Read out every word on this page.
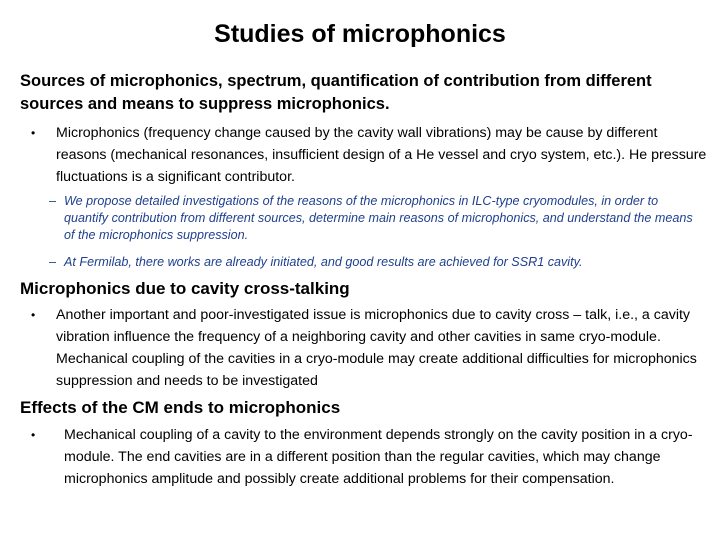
Studies of microphonics
Sources of microphonics, spectrum, quantification of contribution from different sources and means to suppress microphonics.
• Microphonics (frequency change caused by the cavity wall vibrations) may be cause by different reasons (mechanical resonances, insufficient design of a He vessel and cryo system, etc.). He pressure fluctuations is a significant contributor.
– We propose detailed investigations of the reasons of the microphonics in ILC-type cryomodules, in order to quantify contribution from different sources, determine main reasons of microphonics, and understand the means of the microphonics suppression.
– At Fermilab, there works are already initiated, and good results are achieved for SSR1 cavity.
Microphonics due to cavity cross-talking
• Another important and poor-investigated issue is microphonics due to cavity cross – talk, i.e., a cavity vibration influence the frequency of a neighboring cavity and other cavities in same cryo-module. Mechanical coupling of the cavities in a cryo-module may create additional difficulties for microphonics suppression and needs to be investigated
Effects of the CM ends to microphonics
• Mechanical coupling of a cavity to the environment depends strongly on the cavity position in a cryo-module. The end cavities are in a different position than the regular cavities, which may change microphonics amplitude and possibly create additional problems for their compensation.
